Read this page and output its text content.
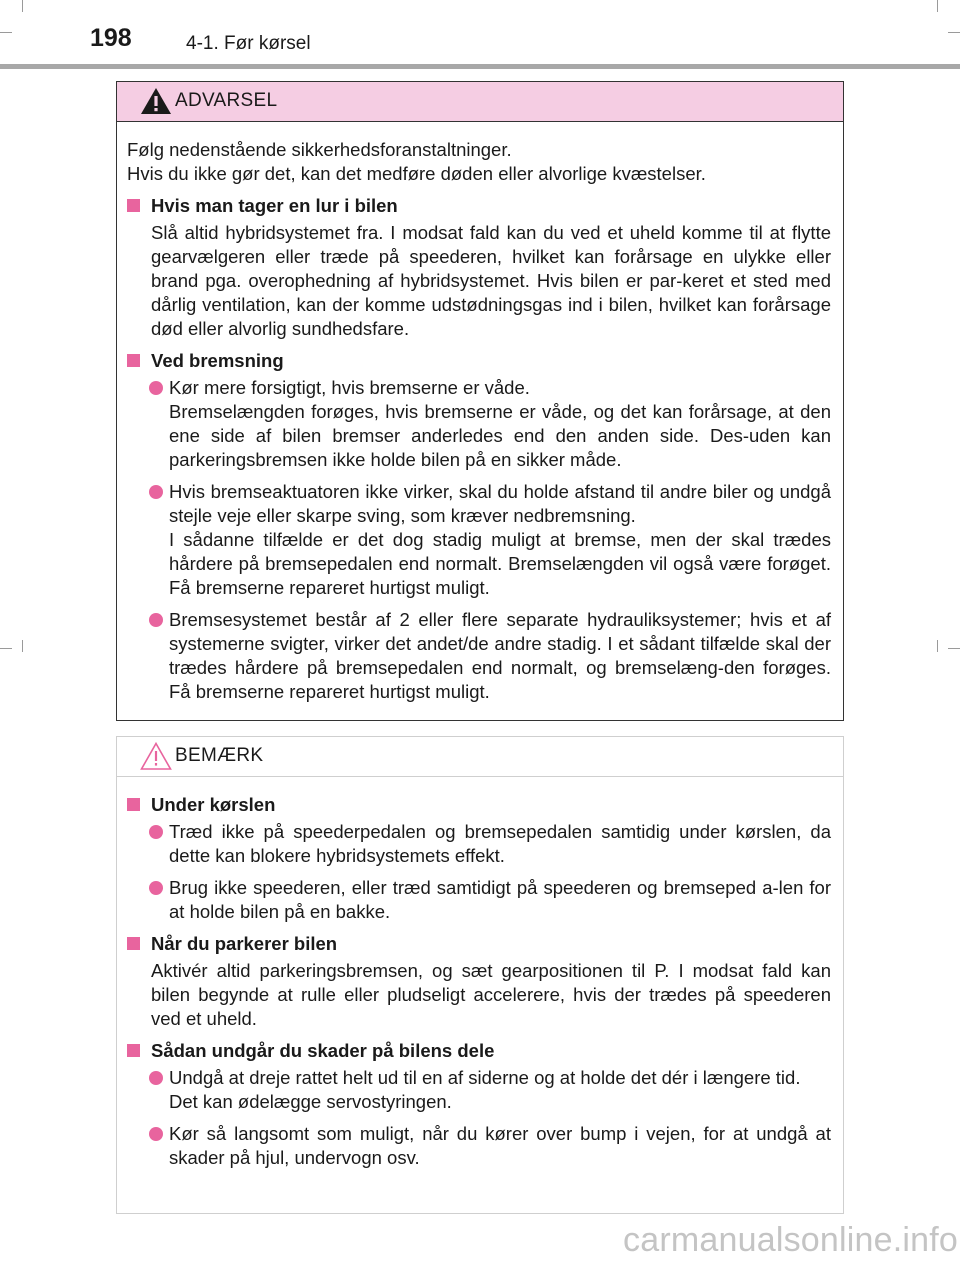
198	4-1. Før kørsel
ADVARSEL

Følg nedenstående sikkerhedsforanstaltninger.

Hvis du ikke gør det, kan det medføre døden eller alvorlige kvæstelser.

Hvis man tager en lur i bilen

Slå altid hybridsystemet fra. I modsat fald kan du ved et uheld komme til at flytte gearvælgeren eller træde på speederen, hvilket kan forårsage en ulykke eller brand pga. overophedning af hybridsystemet. Hvis bilen er par-keret et sted med dårlig ventilation, kan der komme udstødningsgas ind i bilen, hvilket kan forårsage død eller alvorlig sundhedsfare.

Ved bremsning

Kør mere forsigtigt, hvis bremserne er våde.

Bremselængden forøges, hvis bremserne er våde, og det kan forårsage, at den ene side af bilen bremser anderledes end den anden side. Des-uden kan parkeringsbremsen ikke holde bilen på en sikker måde.

Hvis bremseaktuatoren ikke virker, skal du holde afstand til andre biler og undgå stejle veje eller skarpe sving, som kræver nedbremsning.

I sådanne tilfælde er det dog stadig muligt at bremse, men der skal trædes hårdere på bremsepedalen end normalt. Bremselængden vil også være forøget. Få bremserne repareret hurtigst muligt.

Bremsesystemet består af 2 eller flere separate hydrauliksystemer; hvis et af systemerne svigter, virker det andet/de andre stadig. I et sådant tilfælde skal der trædes hårdere på bremsepedalen end normalt, og bremselæng-den forøges. Få bremserne repareret hurtigst muligt.

BEMÆRK
Under kørslen

Træd ikke på speederpedalen og bremsepedalen samtidig under kørslen, da dette kan blokere hybridsystemets effekt.

Brug ikke speederen, eller træd samtidigt på speederen og bremseped a-len for at holde bilen på en bakke.

Når du parkerer bilen

Aktivér altid parkeringsbremsen, og sæt gearpositionen til P. I modsat fald kan bilen begynde at rulle eller pludseligt accelerere, hvis der trædes på speederen ved et uheld.

Sådan undgår du skader på bilens dele

Undgå at dreje rattet helt ud til en af siderne og at holde det dér i længere tid.

Det kan ødelægge servostyringen.

Kør så langsomt som muligt, når du kører over bump i vejen, for at undgå at skader på hjul, undervogn osv.

carmanualsonline.info
